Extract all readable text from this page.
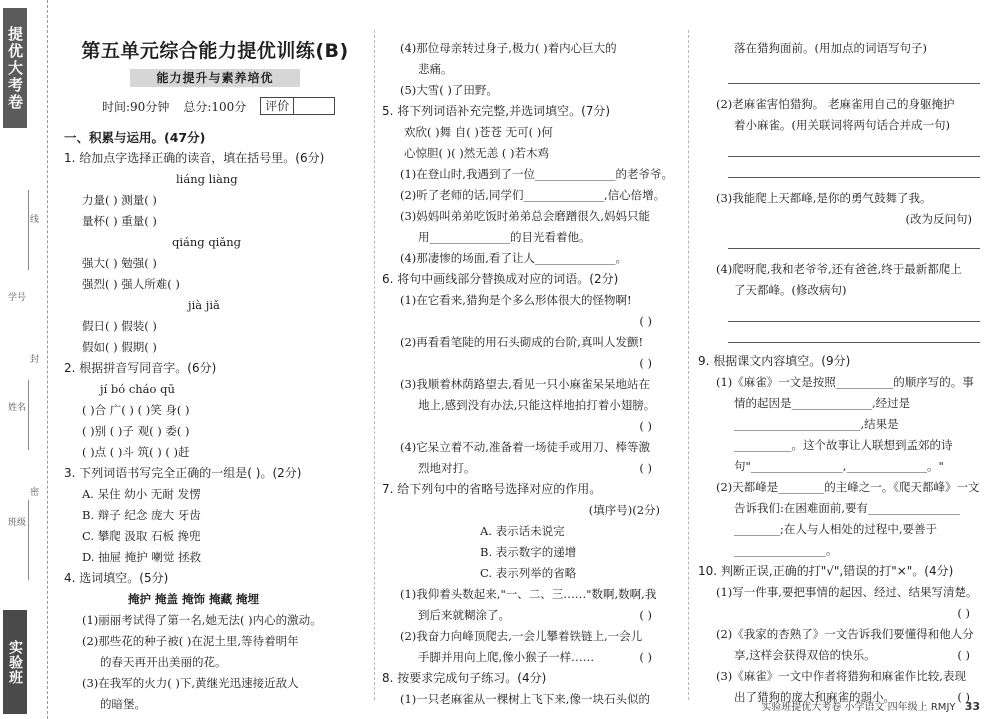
提优大考卷
线
学号
封
姓名
密
班级
实验班
第五单元综合能力提优训练(B)
能力提升与素养培优
时间:90分钟 总分:100分	评价
一、积累与运用。(47分)
1. 给加点字选择正确的读音，填在括号里。(6分)
liáng liàng
力量( ) 测量( )
量杯( ) 重量( )
qiáng qiǎng
强大( ) 勉强( )
强烈( ) 强人所难( )
jià jiǎ
假日( ) 假装( )
假如( ) 假期( )
2. 根据拼音写同音字。(6分)
jí bó cháo qū
( )合 广( ) ( )笑 身( )
( )别 ( )子 观( ) 委( )
( )点 ( )斗 筑( ) ( )赶
3. 下列词语书写完全正确的一组是( )。(2分)
A. 呆住 幼小 无耐 发愣
B. 辩子 纪念 庞大 牙齿
C. 攀爬 汲取 石板 搀兜
D. 抽屉 掩护 喇觉 拯救
4. 选词填空。(5分)
掩护 掩盖 掩饰 掩藏 掩埋
(1)丽丽考试得了第一名,她无法( )内心的激动。
(2)那些花的种子被( )在泥土里,等待着明年
的春天再开出美丽的花。
(3)在我军的火力( )下,黄继光迅速接近敌人
的暗堡。
(4)那位母亲转过身子,极力( )着内心巨大的
悲痛。
(5)大雪( )了田野。
5. 将下列词语补充完整,并选词填空。(7分)
欢欣( )舞 自( )苍苍 无可( )何
心惊胆( )( )然无恙 ( )若木鸡
(1)在登山时,我遇到了一位______________的老爷爷。
(2)听了老师的话,同学们______________,信心倍增。
(3)妈妈叫弟弟吃饭时弟弟总会磨蹭很久,妈妈只能
用______________的目光看着他。
(4)那凄惨的场面,看了让人______________。
6. 将句中画线部分替换成对应的词语。(2分)
(1)在它看来,猎狗是个多么形体很大的怪物啊!
( )
(2)再看看笔陡的用石头砌成的台阶,真叫人发颤!
( )
(3)我顺着林荫路望去,看见一只小麻雀呆呆地站在
地上,感到没有办法,只能这样地拍打着小翅膀。
( )
(4)它呆立着不动,准备着一场徒手或用刀、棒等激
烈地对打。	( )
7. 给下列句中的省略号选择对应的作用。
(填序号)(2分)
A. 表示话未说完
B. 表示数字的递增
C. 表示列举的省略
(1)我仰着头数起来,"一、二、三……"数啊,数啊,我
到后来就糊涂了。	( )
(2)我奋力向峰顶爬去,一会儿攀着铁链上,一会儿
手脚并用向上爬,像小猴子一样……	( )
8. 按要求完成句子练习。(4分)
(1)一只老麻雀从一棵树上飞下来,像一块石头似的
落在猎狗面前。(用加点的词语写句子)
(2)老麻雀害怕猎狗。 老麻雀用自己的身躯掩护
着小麻雀。(用关联词将两句话合并成一句)
(3)我能爬上天都峰,是你的勇气鼓舞了我。
(改为反问句)
(4)爬呀爬,我和老爷爷,还有爸爸,终于最新都爬上
了天都峰。(修改病句)
9. 根据课文内容填空。(9分)
(1)《麻雀》一文是按照__________的顺序写的。事
情的起因是______________,经过是
______________________,结果是
__________。这个故事让人联想到孟郊的诗
句"________________,______________。"
(2)天都峰是________的主峰之一。《爬天都峰》一文
告诉我们:在困难面前,要有________________
________;在人与人相处的过程中,要善于
________________。
10. 判断正误,正确的打"√",错误的打"×"。(4分)
(1)写一件事,要把事情的起因、经过、结果写清楚。
( )
(2)《我家的杏熟了》一文告诉我们要懂得和他人分
享,这样会获得双倍的快乐。	( )
(3)《麻雀》一文中作者将猎狗和麻雀作比较,表现
出了猎狗的庞大和麻雀的弱小。	( )
实验班提优大考卷 小学语文 四年级上 RMJY 33
